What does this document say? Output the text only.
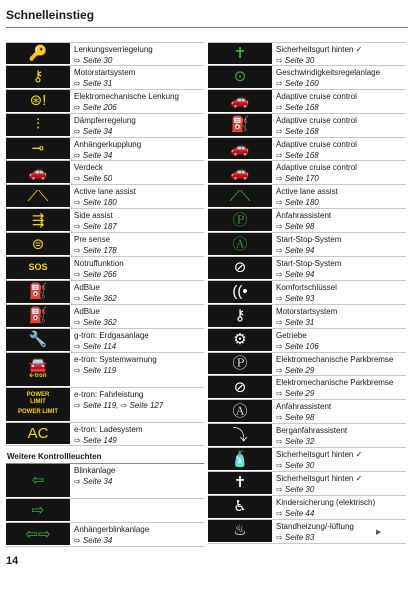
Schnelleinstieg
🔑	Lenkungsverriegelung
⇨ Seite 30
⚷	Motorstartsystem
⇨ Seite 31
⊛!	Elektromechanische Lenkung
⇨ Seite 206
⫶	Dämpferregelung
⇨ Seite 34
⊸	Anhängerkupplung
⇨ Seite 34
🚗	Verdeck
⇨ Seite 50
⟋⟍	Active lane assist
⇨ Seite 180
⇶	Side assist
⇨ Seite 187
⊜	Pre sense
⇨ Seite 178
SOS	Notruffunktion
⇨ Seite 266
⛽	AdBlue
⇨ Seite 362
⛽	AdBlue
⇨ Seite 362
🔧	g-tron: Erdgasanlage
⇨ Seite 114
🚘
e-tron
e-tron: Systemwarnung
⇨ Seite 119
POWER
LIMIT
POWER LIMIT
e-tron: Fahrleistung
⇨ Seite 119, ⇨ Seite 127
AC	e-tron: Ladesystem
⇨ Seite 149
Weitere Kontrollleuchten
⇦
Blinkanlage
⇨ Seite 34
⇨
⇦⇨	Anhängerblinkanlage
⇨ Seite 34
✝	Sicherheitsgurt hinten ✓
⇨ Seite 30
⊙	Geschwindigkeitsregelanlage
⇨ Seite 160
🚗	Adaptive cruise control
⇨ Seite 168
⛽	Adaptive cruise control
⇨ Seite 168
🚗	Adaptive cruise control
⇨ Seite 168
🚗	Adaptive cruise control
⇨ Seite 170
⟋⟍	Active lane assist
⇨ Seite 180
Ⓟ	Anfahrassistent
⇨ Seite 98
Ⓐ	Start-Stop-System
⇨ Seite 94
⊘	Start-Stop-System
⇨ Seite 94
((•	Komfortschlüssel
⇨ Seite 93
⚷	Motorstartsystem
⇨ Seite 31
⚙	Getriebe
⇨ Seite 106
Ⓟ	Elektromechanische Parkbremse
⇨ Seite 29
⊘	Elektromechanische Parkbremse
⇨ Seite 29
Ⓐ	Anfahrassistent
⇨ Seite 98
⤵	Berganfahrassistent
⇨ Seite 32
🧴	Sicherheitsgurt hinten ✓
⇨ Seite 30
✝	Sicherheitsgurt hinten ✓
⇨ Seite 30
♿	Kindersicherung (elektrisch)
⇨ Seite 44
♨	Standheizung/-lüftung
⇨ Seite 83
14
▶
